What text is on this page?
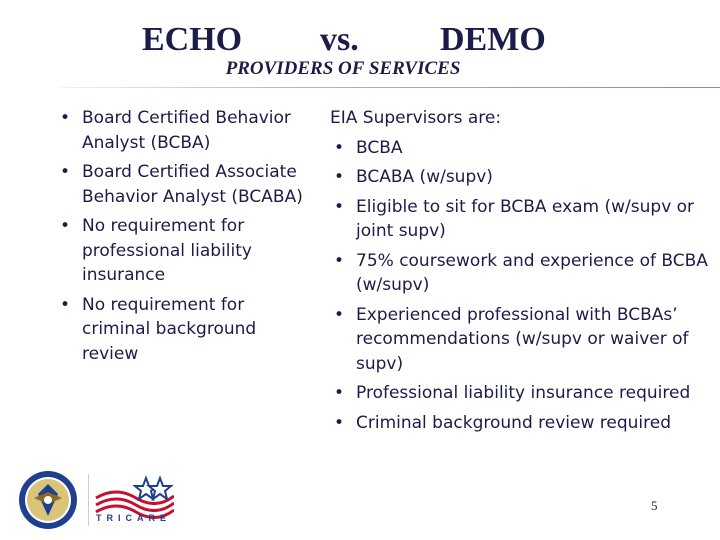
ECHO vs. DEMO
PROVIDERS OF SERVICES
• Board Certified Behavior Analyst (BCBA)
• Board Certified Associate Behavior Analyst (BCABA)
• No requirement for professional liability insurance
• No requirement for criminal background review
EIA Supervisors are:
• BCBA
• BCABA (w/supv)
• Eligible to sit for BCBA exam (w/supv or joint supv)
• 75% coursework and experience of BCBA (w/supv)
• Experienced professional with BCBAs’ recommendations (w/supv or waiver of supv)
• Professional liability insurance required
• Criminal background review required
TRICARE
5
